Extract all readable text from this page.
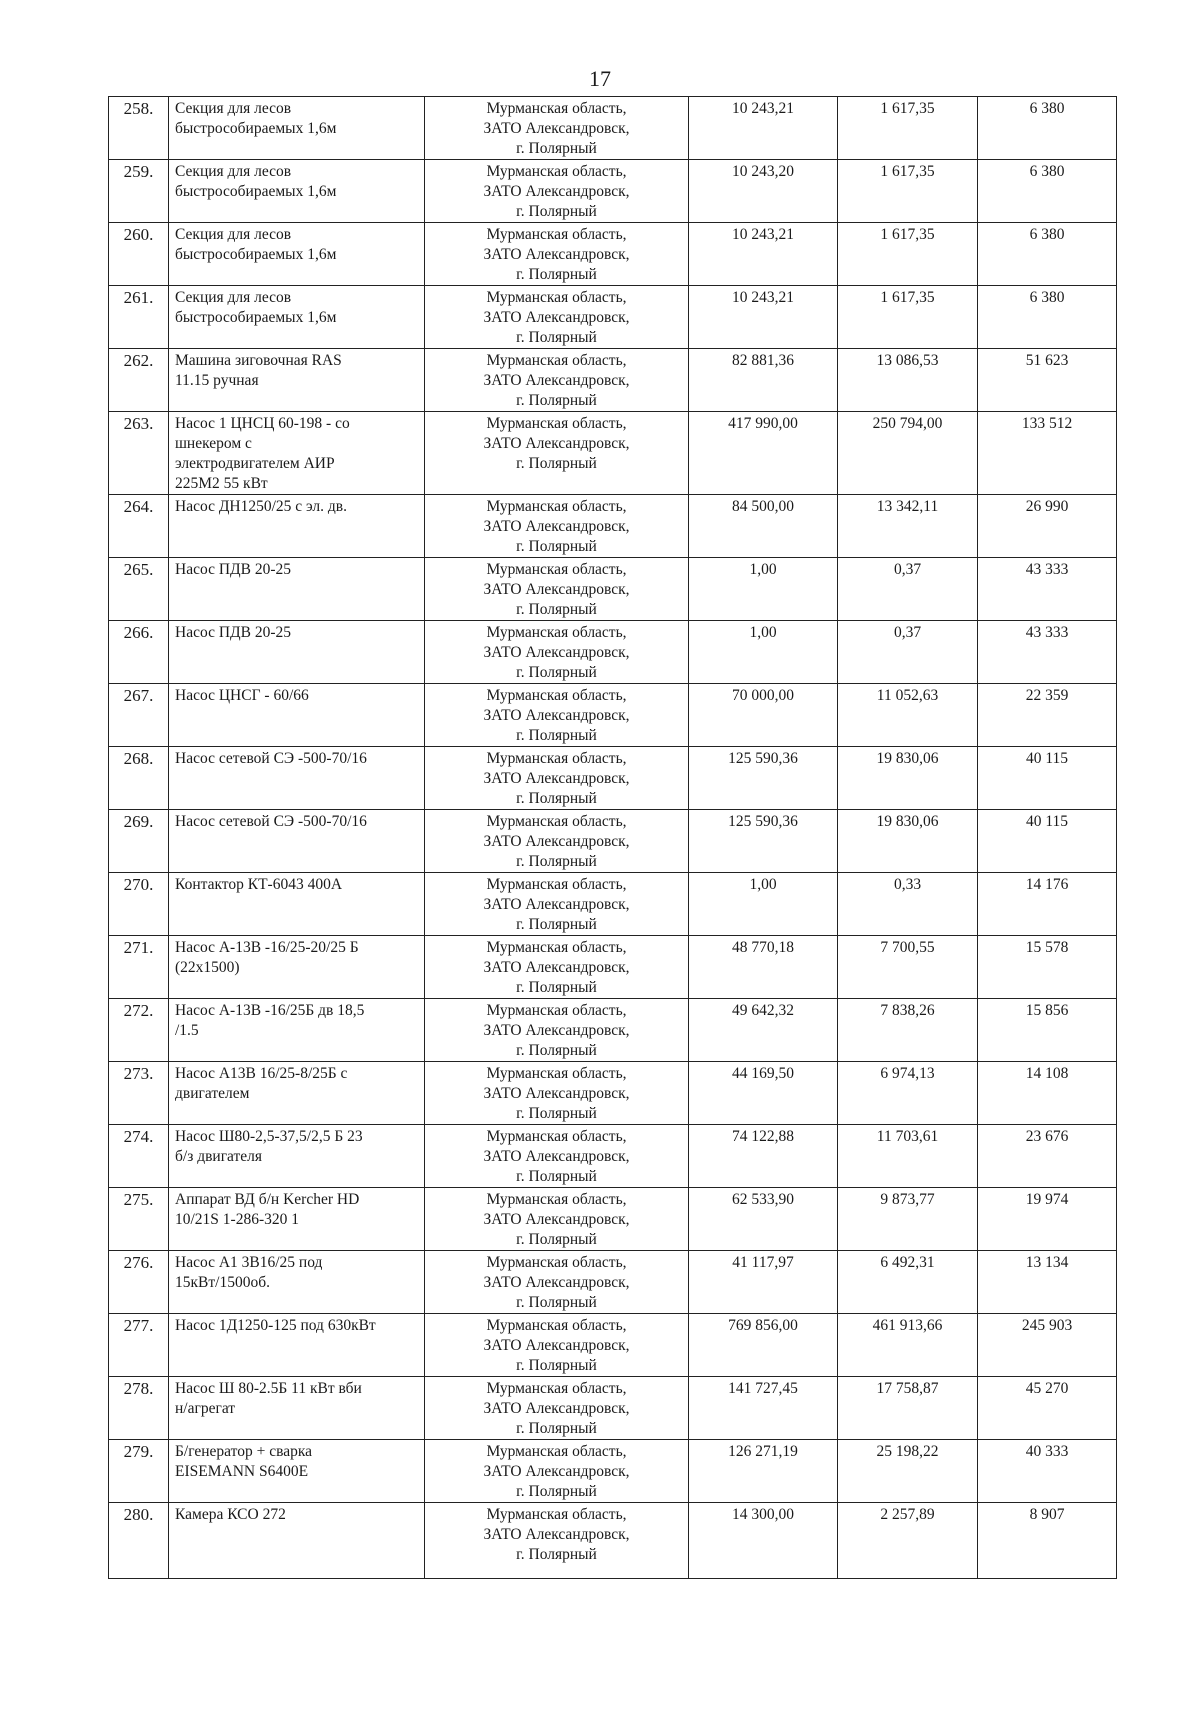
17
258.	Секция для лесов
быстрособираемых 1,6м	Мурманская область,
ЗАТО Александровск,
г. Полярный	10 243,21	1 617,35	6 380
259.	Секция для лесов
быстрособираемых 1,6м	Мурманская область,
ЗАТО Александровск,
г. Полярный	10 243,20	1 617,35	6 380
260.	Секция для лесов
быстрособираемых 1,6м	Мурманская область,
ЗАТО Александровск,
г. Полярный	10 243,21	1 617,35	6 380
261.	Секция для лесов
быстрособираемых 1,6м	Мурманская область,
ЗАТО Александровск,
г. Полярный	10 243,21	1 617,35	6 380
262.	Машина зиговочная RAS
11.15 ручная	Мурманская область,
ЗАТО Александровск,
г. Полярный	82 881,36	13 086,53	51 623
263.	Насос 1 ЦНСЦ 60-198 - со
шнекером с
электродвигателем АИР
225М2 55 кВт	Мурманская область,
ЗАТО Александровск,
г. Полярный	417 990,00	250 794,00	133 512
264.	Насос ДН1250/25 с эл. дв.	Мурманская область,
ЗАТО Александровск,
г. Полярный	84 500,00	13 342,11	26 990
265.	Насос ПДВ 20-25	Мурманская область,
ЗАТО Александровск,
г. Полярный	1,00	0,37	43 333
266.	Насос ПДВ 20-25	Мурманская область,
ЗАТО Александровск,
г. Полярный	1,00	0,37	43 333
267.	Насос ЦНСГ - 60/66	Мурманская область,
ЗАТО Александровск,
г. Полярный	70 000,00	11 052,63	22 359
268.	Насос сетевой СЭ -500-70/16	Мурманская область,
ЗАТО Александровск,
г. Полярный	125 590,36	19 830,06	40 115
269.	Насос сетевой СЭ -500-70/16	Мурманская область,
ЗАТО Александровск,
г. Полярный	125 590,36	19 830,06	40 115
270.	Контактор КТ-6043 400А	Мурманская область,
ЗАТО Александровск,
г. Полярный	1,00	0,33	14 176
271.	Насос А-13В -16/25-20/25 Б
(22х1500)	Мурманская область,
ЗАТО Александровск,
г. Полярный	48 770,18	7 700,55	15 578
272.	Насос А-13В -16/25Б дв 18,5
/1.5	Мурманская область,
ЗАТО Александровск,
г. Полярный	49 642,32	7 838,26	15 856
273.	Насос А13В 16/25-8/25Б с
двигателем	Мурманская область,
ЗАТО Александровск,
г. Полярный	44 169,50	6 974,13	14 108
274.	Насос Ш80-2,5-37,5/2,5 Б 23
б/з двигателя	Мурманская область,
ЗАТО Александровск,
г. Полярный	74 122,88	11 703,61	23 676
275.	Аппарат ВД б/н Kercher HD
10/21S 1-286-320 1	Мурманская область,
ЗАТО Александровск,
г. Полярный	62 533,90	9 873,77	19 974
276.	Насос А1 3В16/25 под
15кВт/1500об.	Мурманская область,
ЗАТО Александровск,
г. Полярный	41 117,97	6 492,31	13 134
277.	Насос 1Д1250-125 под 630кВт	Мурманская область,
ЗАТО Александровск,
г. Полярный	769 856,00	461 913,66	245 903
278.	Насос Ш 80-2.5Б 11 кВт вби
н/агрегат	Мурманская область,
ЗАТО Александровск,
г. Полярный	141 727,45	17 758,87	45 270
279.	Б/генератор + сварка
EISEMANN S6400E	Мурманская область,
ЗАТО Александровск,
г. Полярный	126 271,19	25 198,22	40 333
280.	Камера КСО 272	Мурманская область,
ЗАТО Александровск,
г. Полярный	14 300,00	2 257,89	8 907
